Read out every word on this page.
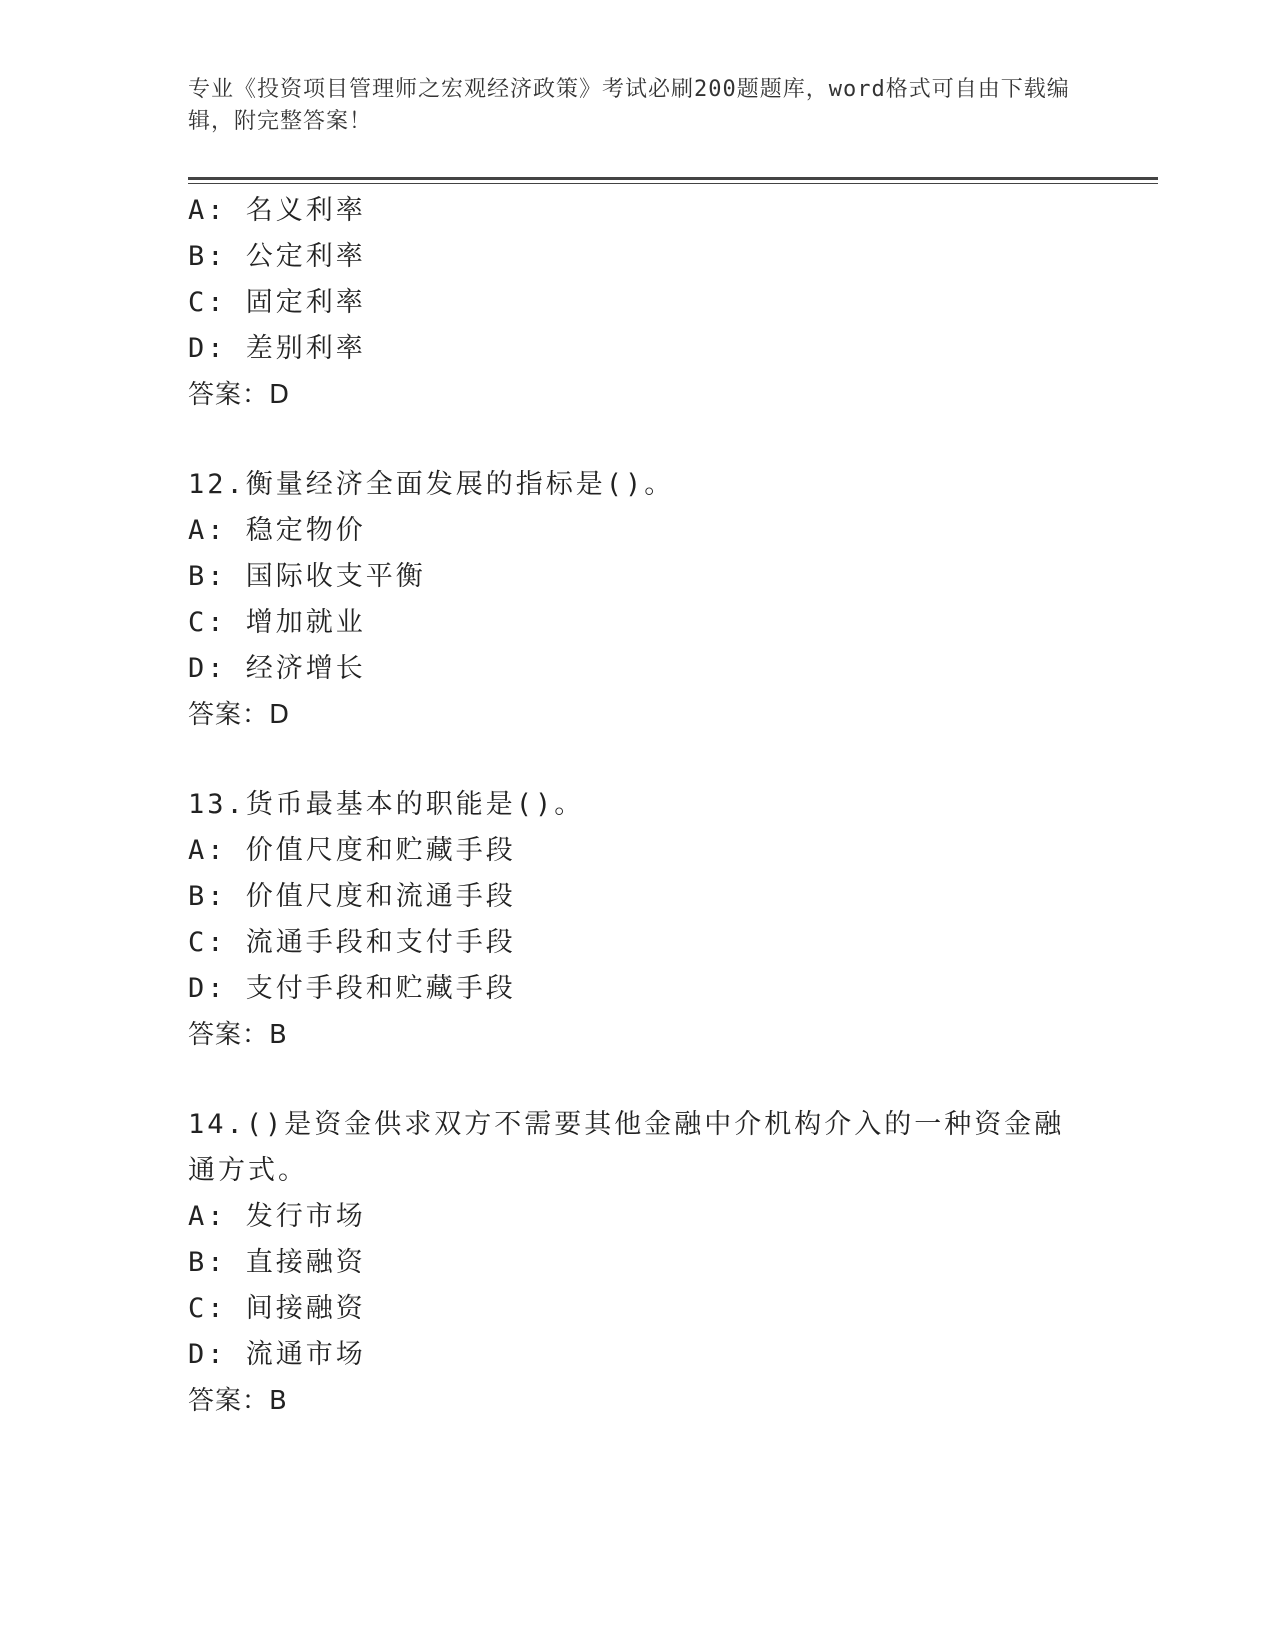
专业《投资项目管理师之宏观经济政策》考试必刷200题题库，word格式可自由下载编辑，附完整答案！
A: 名义利率
B: 公定利率
C: 固定利率
D: 差别利率
答案：D
12.衡量经济全面发展的指标是()。
A: 稳定物价
B: 国际收支平衡
C: 增加就业
D: 经济增长
答案：D
13.货币最基本的职能是()。
A: 价值尺度和贮藏手段
B: 价值尺度和流通手段
C: 流通手段和支付手段
D: 支付手段和贮藏手段
答案：B
14.()是资金供求双方不需要其他金融中介机构介入的一种资金融通方式。
A: 发行市场
B: 直接融资
C: 间接融资
D: 流通市场
答案：B
